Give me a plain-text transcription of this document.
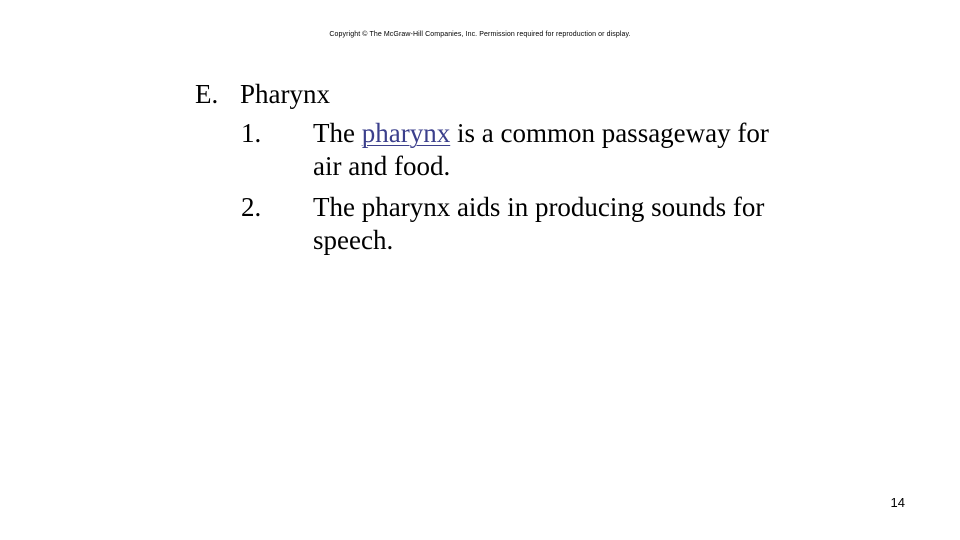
Copyright © The McGraw-Hill Companies, Inc. Permission required for reproduction or display.
E. Pharynx
1. The pharynx is a common passageway for air and food.
2. The pharynx aids in producing sounds for speech.
14
